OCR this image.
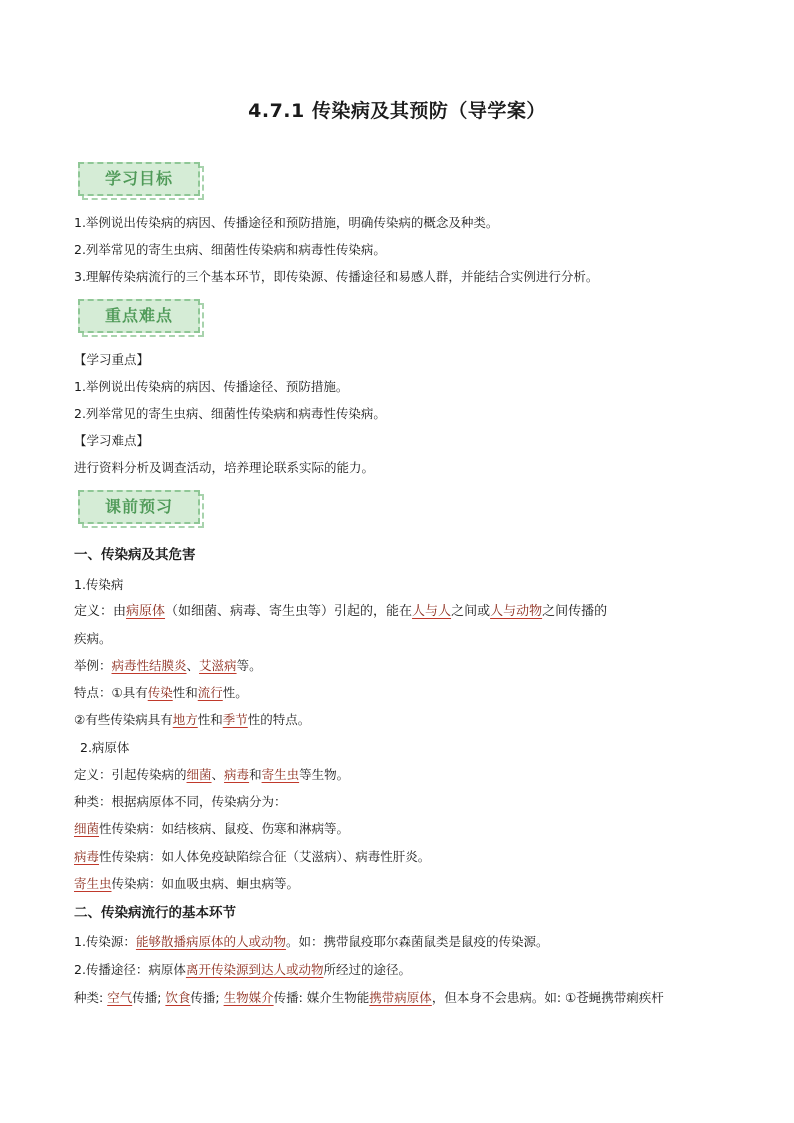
4.7.1 传染病及其预防（导学案）
学习目标
1.举例说出传染病的病因、传播途径和预防措施，明确传染病的概念及种类。
2.列举常见的寄生虫病、细菌性传染病和病毒性传染病。
3.理解传染病流行的三个基本环节，即传染源、传播途径和易感人群，并能结合实例进行分析。
重点难点
【学习重点】
1.举例说出传染病的病因、传播途径、预防措施。
2.列举常见的寄生虫病、细菌性传染病和病毒性传染病。
【学习难点】
进行资料分析及调查活动，培养理论联系实际的能力。
课前预习
一、传染病及其危害
1.传染病
定义：由病原体（如细菌、病毒、寄生虫等）引起的，能在人与人之间或人与动物之间传播的
疾病。
举例：病毒性结膜炎、艾滋病等。
特点：①具有传染性和流行性。
②有些传染病具有地方性和季节性的特点。
2.病原体
定义：引起传染病的细菌、病毒和寄生虫等生物。
种类：根据病原体不同，传染病分为：
细菌性传染病：如结核病、鼠疫、伤寒和淋病等。
病毒性传染病：如人体免疫缺陷综合征（艾滋病）、病毒性肝炎。
寄生虫传染病：如血吸虫病、蛔虫病等。
二、传染病流行的基本环节
1.传染源：能够散播病原体的人或动物。如：携带鼠疫耶尔森菌鼠类是鼠疫的传染源。
2.传播途径：病原体离开传染源到达人或动物所经过的途径。
种类: 空气传播; 饮食传播; 生物媒介传播: 媒介生物能携带病原体，但本身不会患病。如: ①苍蝇携带痢疾杆
